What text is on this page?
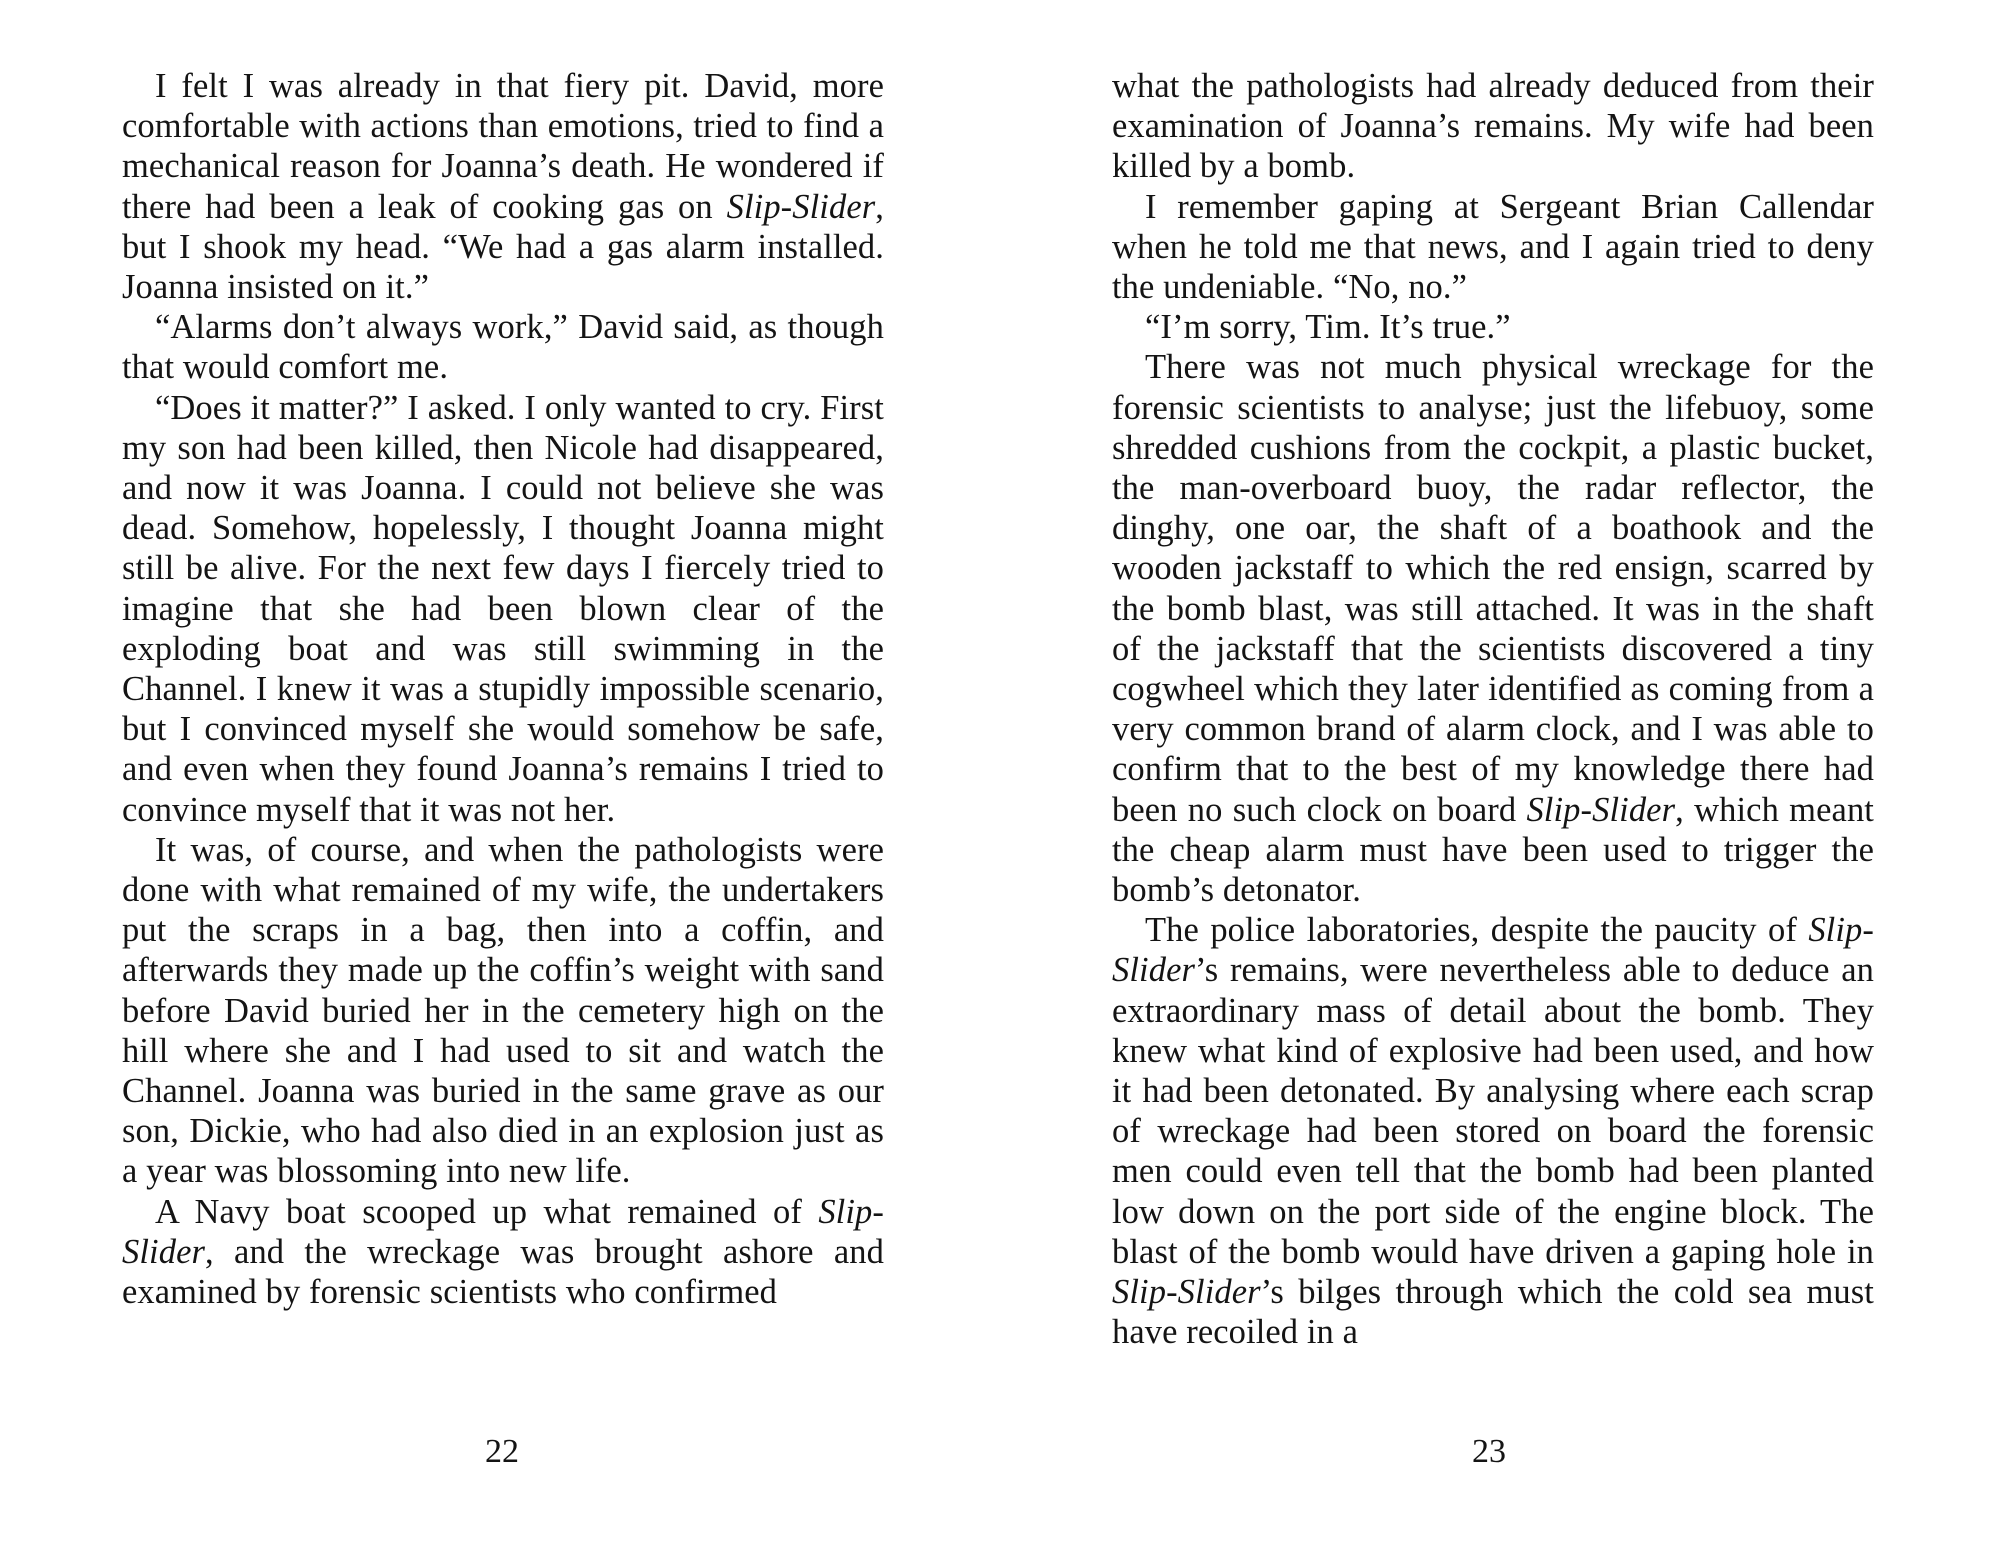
I felt I was already in that fiery pit. David, more comfortable with actions than emotions, tried to find a mechanical reason for Joanna’s death. He wondered if there had been a leak of cooking gas on Slip-Slider, but I shook my head. “We had a gas alarm installed. Joanna insisted on it.”

“Alarms don’t always work,” David said, as though that would comfort me.

“Does it matter?” I asked. I only wanted to cry. First my son had been killed, then Nicole had disappeared, and now it was Joanna. I could not believe she was dead. Somehow, hopelessly, I thought Joanna might still be alive. For the next few days I fiercely tried to imagine that she had been blown clear of the exploding boat and was still swimming in the Channel. I knew it was a stupidly impossible scenario, but I convinced myself she would somehow be safe, and even when they found Joanna’s remains I tried to convince myself that it was not her.

It was, of course, and when the pathologists were done with what remained of my wife, the undertakers put the scraps in a bag, then into a coffin, and afterwards they made up the coffin’s weight with sand before David buried her in the cemetery high on the hill where she and I had used to sit and watch the Channel. Joanna was buried in the same grave as our son, Dickie, who had also died in an explosion just as a year was blossoming into new life.

A Navy boat scooped up what remained of Slip-Slider, and the wreckage was brought ashore and examined by forensic scientists who confirmed

22

what the pathologists had already deduced from their examination of Joanna’s remains. My wife had been killed by a bomb.

I remember gaping at Sergeant Brian Callendar when he told me that news, and I again tried to deny the undeniable. “No, no.”

“I’m sorry, Tim. It’s true.”

There was not much physical wreckage for the forensic scientists to analyse; just the lifebuoy, some shredded cushions from the cockpit, a plastic bucket, the man-overboard buoy, the radar reflector, the dinghy, one oar, the shaft of a boathook and the wooden jackstaff to which the red ensign, scarred by the bomb blast, was still attached. It was in the shaft of the jackstaff that the scientists discovered a tiny cogwheel which they later identified as coming from a very common brand of alarm clock, and I was able to confirm that to the best of my knowledge there had been no such clock on board Slip-Slider, which meant the cheap alarm must have been used to trigger the bomb’s detonator.

The police laboratories, despite the paucity of Slip-Slider’s remains, were nevertheless able to deduce an extraordinary mass of detail about the bomb. They knew what kind of explosive had been used, and how it had been detonated. By analysing where each scrap of wreckage had been stored on board the forensic men could even tell that the bomb had been planted low down on the port side of the engine block. The blast of the bomb would have driven a gaping hole in Slip-Slider’s bilges through which the cold sea must have recoiled in a

23
